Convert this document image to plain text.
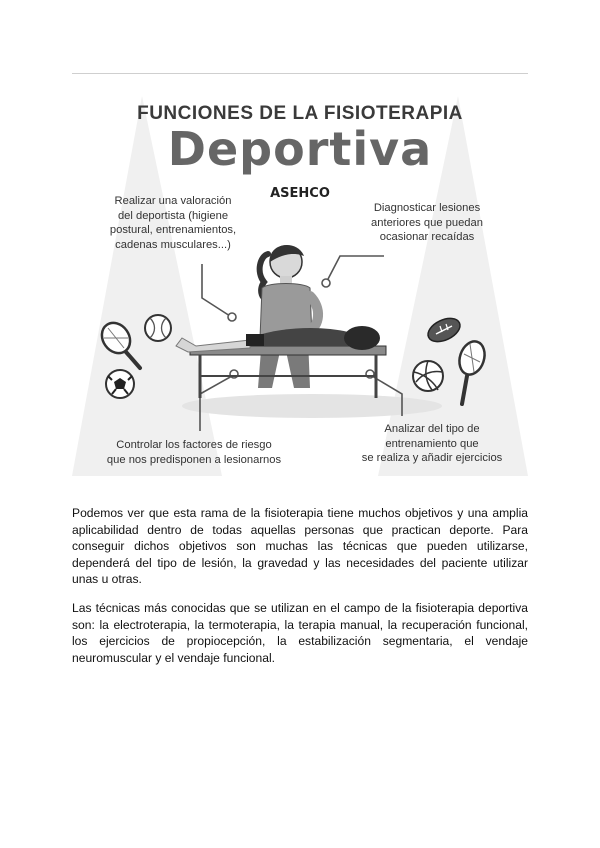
FUNCIONES DE LA FISIOTERAPIA
Deportiva
ASEHCO
Realizar una valoración
del deportista (higiene
postural, entrenamientos,
cadenas musculares...)
Diagnosticar lesiones
anteriores que puedan
ocasionar recaídas
Controlar los factores de riesgo
que nos predisponen a lesionarnos
Analizar del tipo de
entrenamiento que
se realiza y añadir ejercicios
Podemos ver que esta rama de la fisioterapia tiene muchos objetivos y una amplia
aplicabilidad dentro de todas aquellas personas que practican deporte. Para
conseguir dichos objetivos son muchas las técnicas que pueden utilizarse,
dependerá del tipo de lesión, la gravedad y las necesidades del paciente utilizar
unas u otras.
Las técnicas más conocidas que se utilizan en el campo de la fisioterapia deportiva
son: la electroterapia, la termoterapia, la terapia manual, la recuperación funcional,
los ejercicios de propiocepción, la estabilización segmentaria, el vendaje
neuromuscular y el vendaje funcional.
